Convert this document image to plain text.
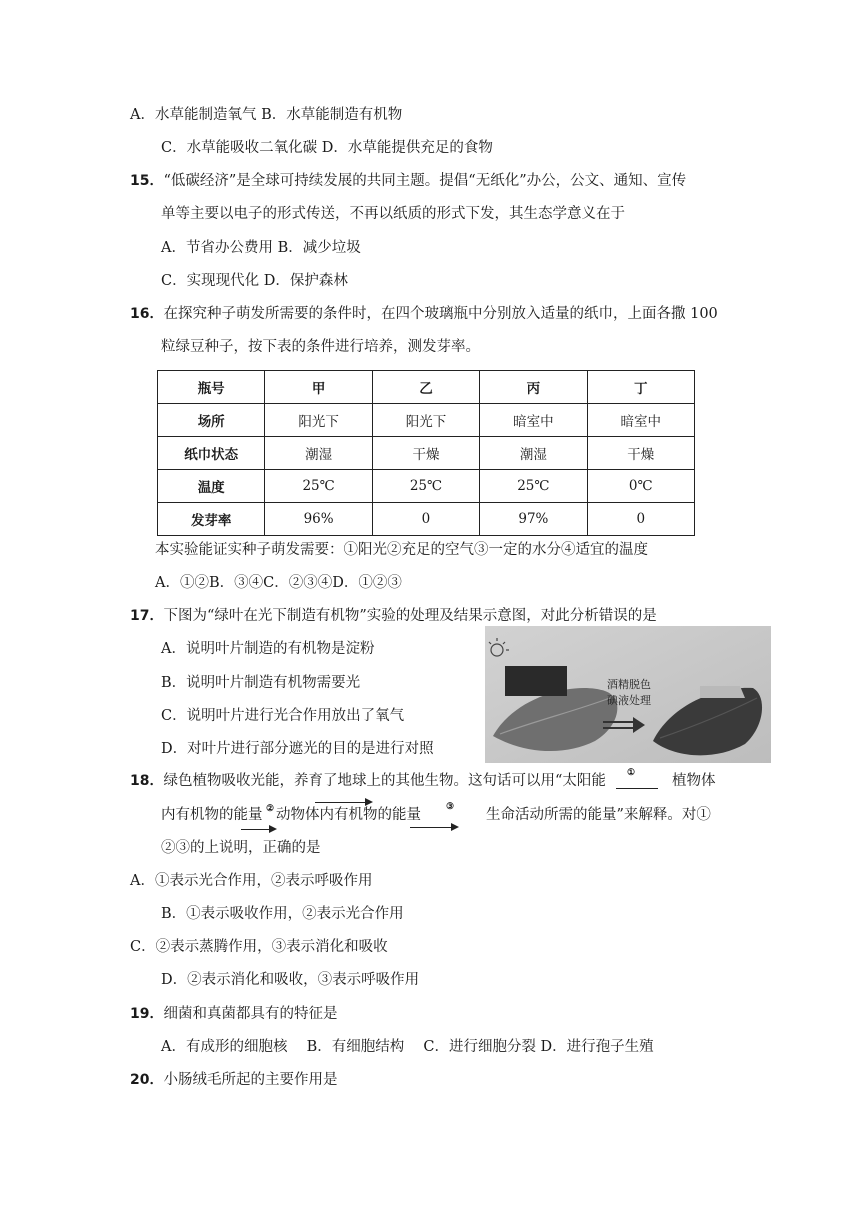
A．水草能制造氧气 B．水草能制造有机物
C．水草能吸收二氧化碳 D．水草能提供充足的食物
15．“低碳经济”是全球可持续发展的共同主题。提倡“无纸化”办公，公文、通知、宣传
单等主要以电子的形式传送，不再以纸质的形式下发，其生态学意义在于
A．节省办公费用 B．减少垃圾
C．实现现代化 D．保护森林
16．在探究种子萌发所需要的条件时，在四个玻璃瓶中分别放入适量的纸巾，上面各撒 100
粒绿豆种子，按下表的条件进行培养，测发芽率。
瓶号	甲	乙	丙	丁
场所	阳光下	阳光下	暗室中	暗室中
纸巾状态	潮湿	干燥	潮湿	干燥
温度	25℃	25℃	25℃	0℃
发芽率	96%	0	97%	0
本实验能证实种子萌发需要：①阳光②充足的空气③一定的水分④适宜的温度
A．①②B．③④C．②③④D．①②③
17．下图为“绿叶在光下制造有机物”实验的处理及结果示意图，对此分析错误的是
A．说明叶片制造的有机物是淀粉
B．说明叶片制造有机物需要光
C．说明叶片进行光合作用放出了氧气
D．对叶片进行部分遮光的目的是进行对照
酒精脱色
碘液处理
18．绿色植物吸收光能，养育了地球上的其他生物。这句话可以用“太阳能 ①	植物体
内有机物的能量 ② 动物体内有机物的能量	③ 生命活动所需的能量”来解释。对①
②③的上说明，正确的是
A．①表示光合作用，②表示呼吸作用
B．①表示吸收作用，②表示光合作用
C．②表示蒸腾作用，③表示消化和吸收
D．②表示消化和吸收，③表示呼吸作用
19．细菌和真菌都具有的特征是
A．有成形的细胞核　 B．有细胞结构　 C．进行细胞分裂 D．进行孢子生殖
20．小肠绒毛所起的主要作用是
